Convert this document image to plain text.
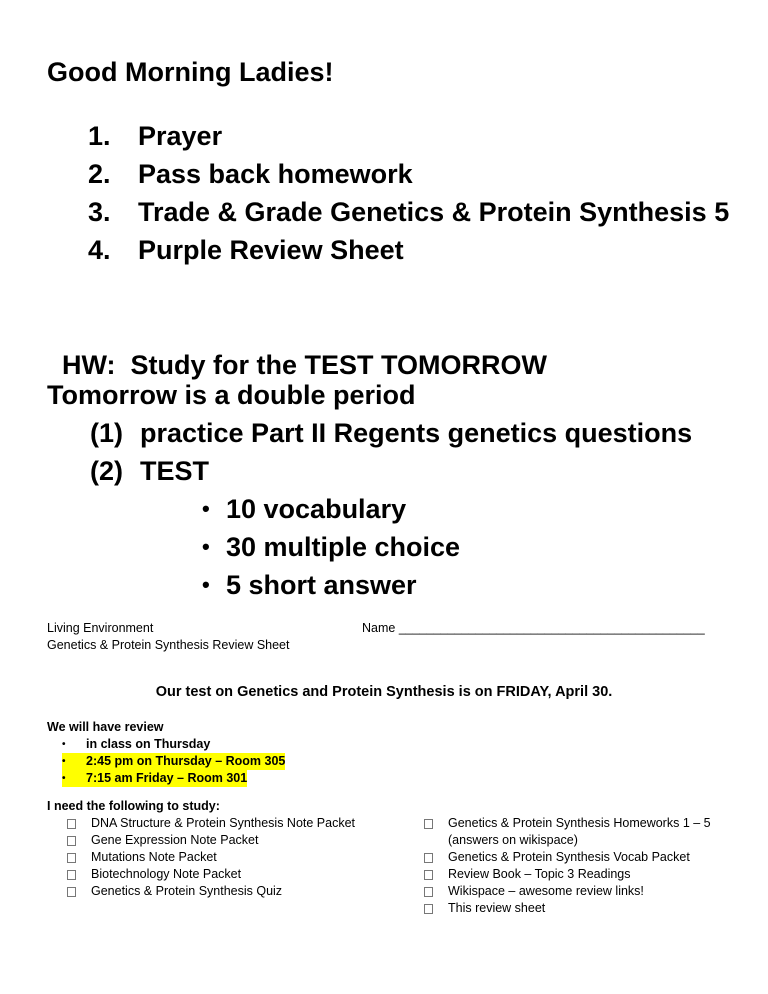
Good Morning Ladies!
1.	Prayer
2.	Pass back homework
3.	Trade & Grade Genetics & Protein Synthesis 5
4.	Purple Review Sheet

HW:  Study for the TEST TOMORROW

Tomorrow is a double period
(1) practice Part II Regents genetics questions
(2) TEST
• 10 vocabulary
• 30 multiple choice
• 5 short answer
Living Environment
Genetics & Protein Synthesis Review Sheet
Name ____________________________________________
Our test on Genetics and Protein Synthesis is on FRIDAY, April 30.
We will have review
•	in class on Thursday
•	2:45 pm on Thursday – Room 305
•	7:15 am Friday – Room 301
I need the following to study:
DNA Structure & Protein Synthesis Note Packet
Gene Expression Note Packet
Mutations Note Packet
Biotechnology Note Packet
Genetics & Protein Synthesis Quiz
Genetics & Protein Synthesis Homeworks 1 – 5
(answers on wikispace)
Genetics & Protein Synthesis Vocab Packet
Review Book – Topic 3 Readings
Wikispace – awesome review links!
This review sheet
